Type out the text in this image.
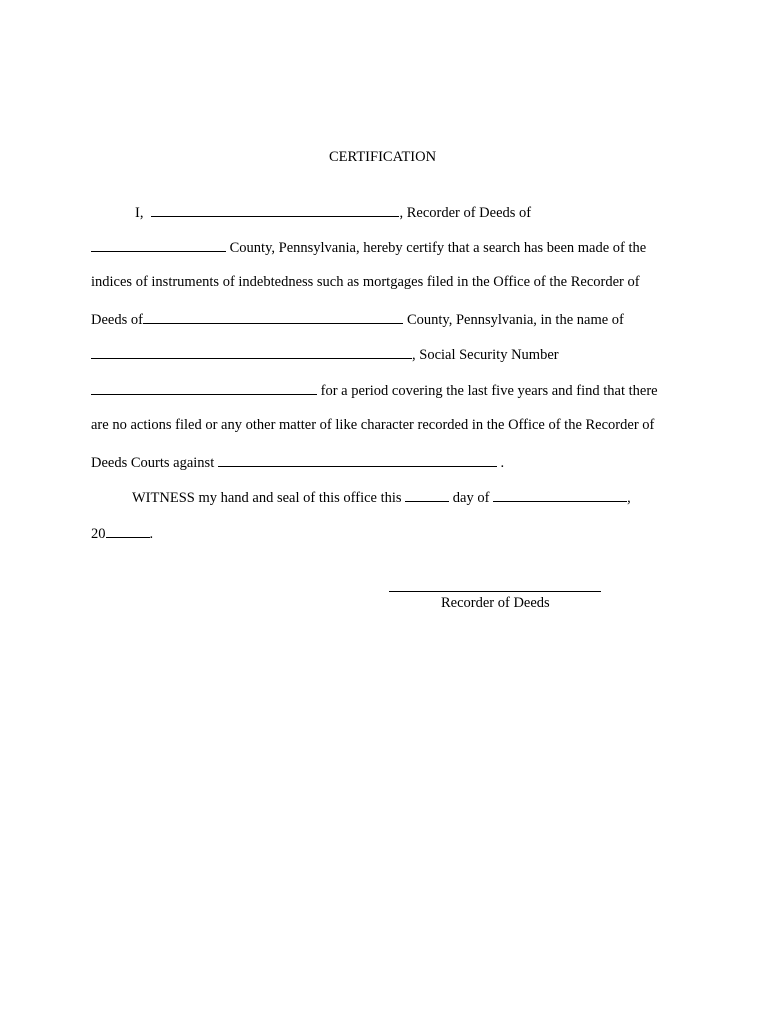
CERTIFICATION
I,	, Recorder of Deeds of
County, Pennsylvania, hereby certify that a search has been made of the
indices of instruments of indebtedness such as mortgages filed in the Office of the Recorder of
Deeds of	County, Pennsylvania, in the name of
, Social Security Number
for a period covering the last five years and find that there
are no actions filed or any other matter of like character recorded in the Office of the Recorder of
Deeds Courts against	.
WITNESS my hand and seal of this office this	day of	,
20	.
Recorder of Deeds
